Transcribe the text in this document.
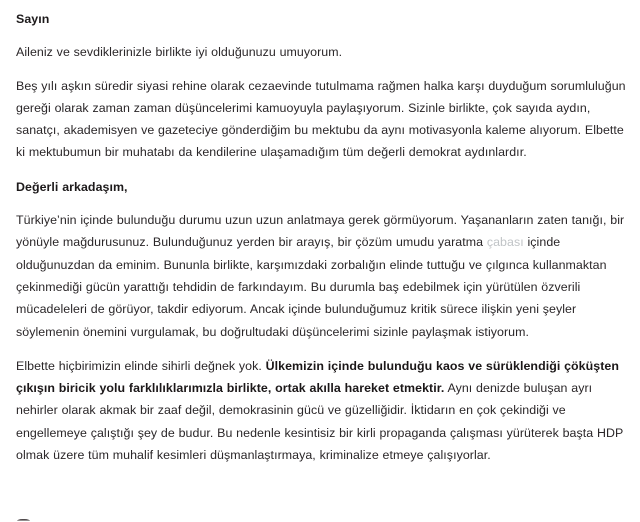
Sayın

Aileniz ve sevdiklerinizle birlikte iyi olduğunuzu umuyorum.

Beş yılı aşkın süredir siyasi rehine olarak cezaevinde tutulmama rağmen halka karşı duyduğum sorumluluğun gereği olarak zaman zaman düşüncelerimi kamuoyuyla paylaşıyorum. Sizinle birlikte, çok sayıda aydın, sanatçı, akademisyen ve gazeteciye gönderdiğim bu mektubu da aynı motivasyonla kaleme alıyorum. Elbette ki mektubumun bir muhatabı da kendilerine ulaşamadığım tüm değerli demokrat aydınlardır.

Değerli arkadaşım,

Türkiye’nin içinde bulunduğu durumu uzun uzun anlatmaya gerek görmüyorum. Yaşananların zaten tanığı, bir yönüyle mağdurusunuz. Bulunduğunuz yerden bir arayış, bir çözüm umudu yaratma çabası içinde olduğunuzdan da eminim. Bununla birlikte, karşımızdaki zorbalığın elinde tuttuğu ve çılgınca kullanmaktan çekinmediği gücün yarattığı tehdidin de farkındayım. Bu durumla baş edebilmek için yürütülen özverili mücadeleleri de görüyor, takdir ediyorum. Ancak içinde bulunduğumuz kritik sürece ilişkin yeni şeyler söylemenin önemini vurgulamak, bu doğrultudaki düşüncelerimi sizinle paylaşmak istiyorum.

Elbette hiçbirimizin elinde sihirli değnek yok. Ülkemizin içinde bulunduğu kaos ve sürüklendiği çöküşten çıkışın biricik yolu farklılıklarımızla birlikte, ortak akılla hareket etmektir. Aynı denizde buluşan ayrı nehirler olarak akmak bir zaaf değil, demokrasinin gücü ve güzelliğidir. İktidarın en çok çekindiği ve engellemeye çalıştığı şey de budur. Bu nedenle kesintisiz bir kirli propaganda çalışması yürüterek başta HDP olmak üzere tüm muhalif kesimleri düşmanlaştırmaya, kriminalize etmeye çalışıyorlar.
